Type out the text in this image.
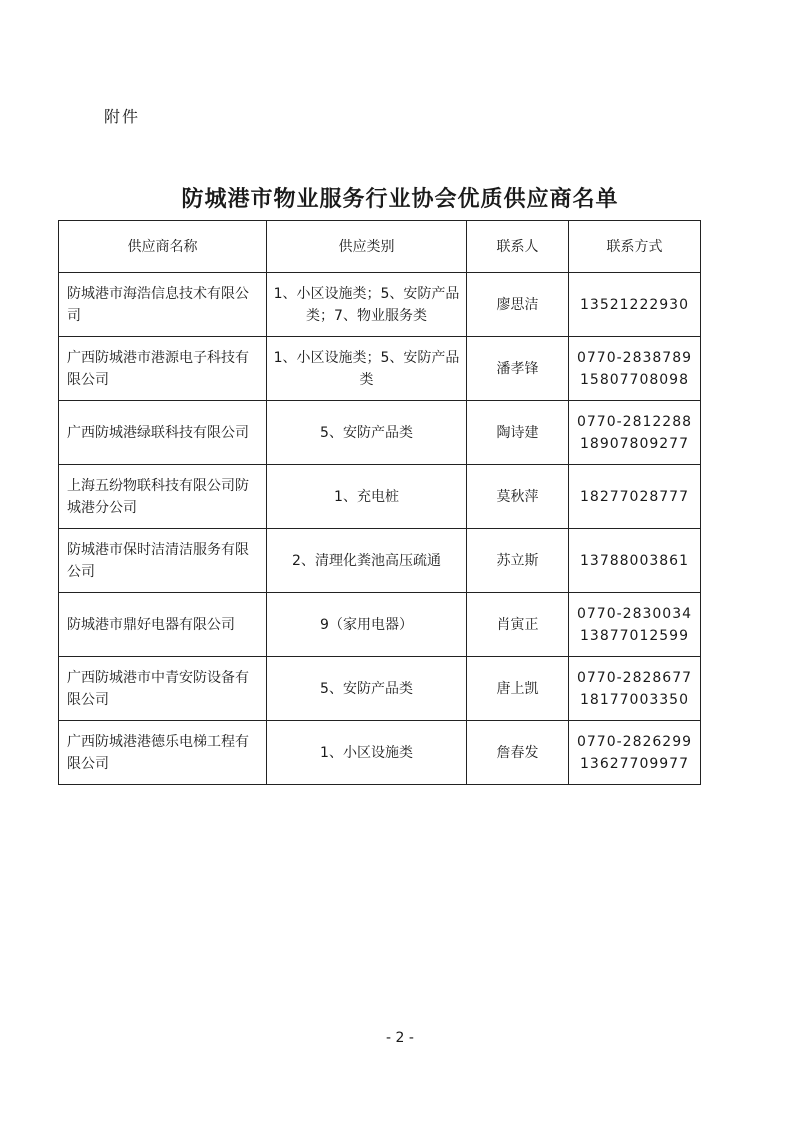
附件
防城港市物业服务行业协会优质供应商名单
供应商名称	供应类别	联系人	联系方式
防城港市海浩信息技术有限公司	1、小区设施类；5、安防产品类；7、物业服务类	廖思洁	13521222930

广西防城港市港源电子科技有限公司	1、小区设施类；5、安防产品类	潘孝锋	0770-2838789
15807708098

广西防城港绿联科技有限公司	5、安防产品类	陶诗建	0770-2812288
18907809277

上海五纷物联科技有限公司防城港分公司	1、充电桩	莫秋萍	18277028777

防城港市保时洁清洁服务有限公司	2、清理化粪池高压疏通	苏立斯	13788003861

防城港市鼎好电器有限公司	9（家用电器）	肖寅正	0770-2830034
13877012599

广西防城港市中青安防设备有限公司	5、安防产品类	唐上凯	0770-2828677
18177003350

广西防城港港德乐电梯工程有限公司	1、小区设施类	詹春发	0770-2826299
13627709977
- 2 -
